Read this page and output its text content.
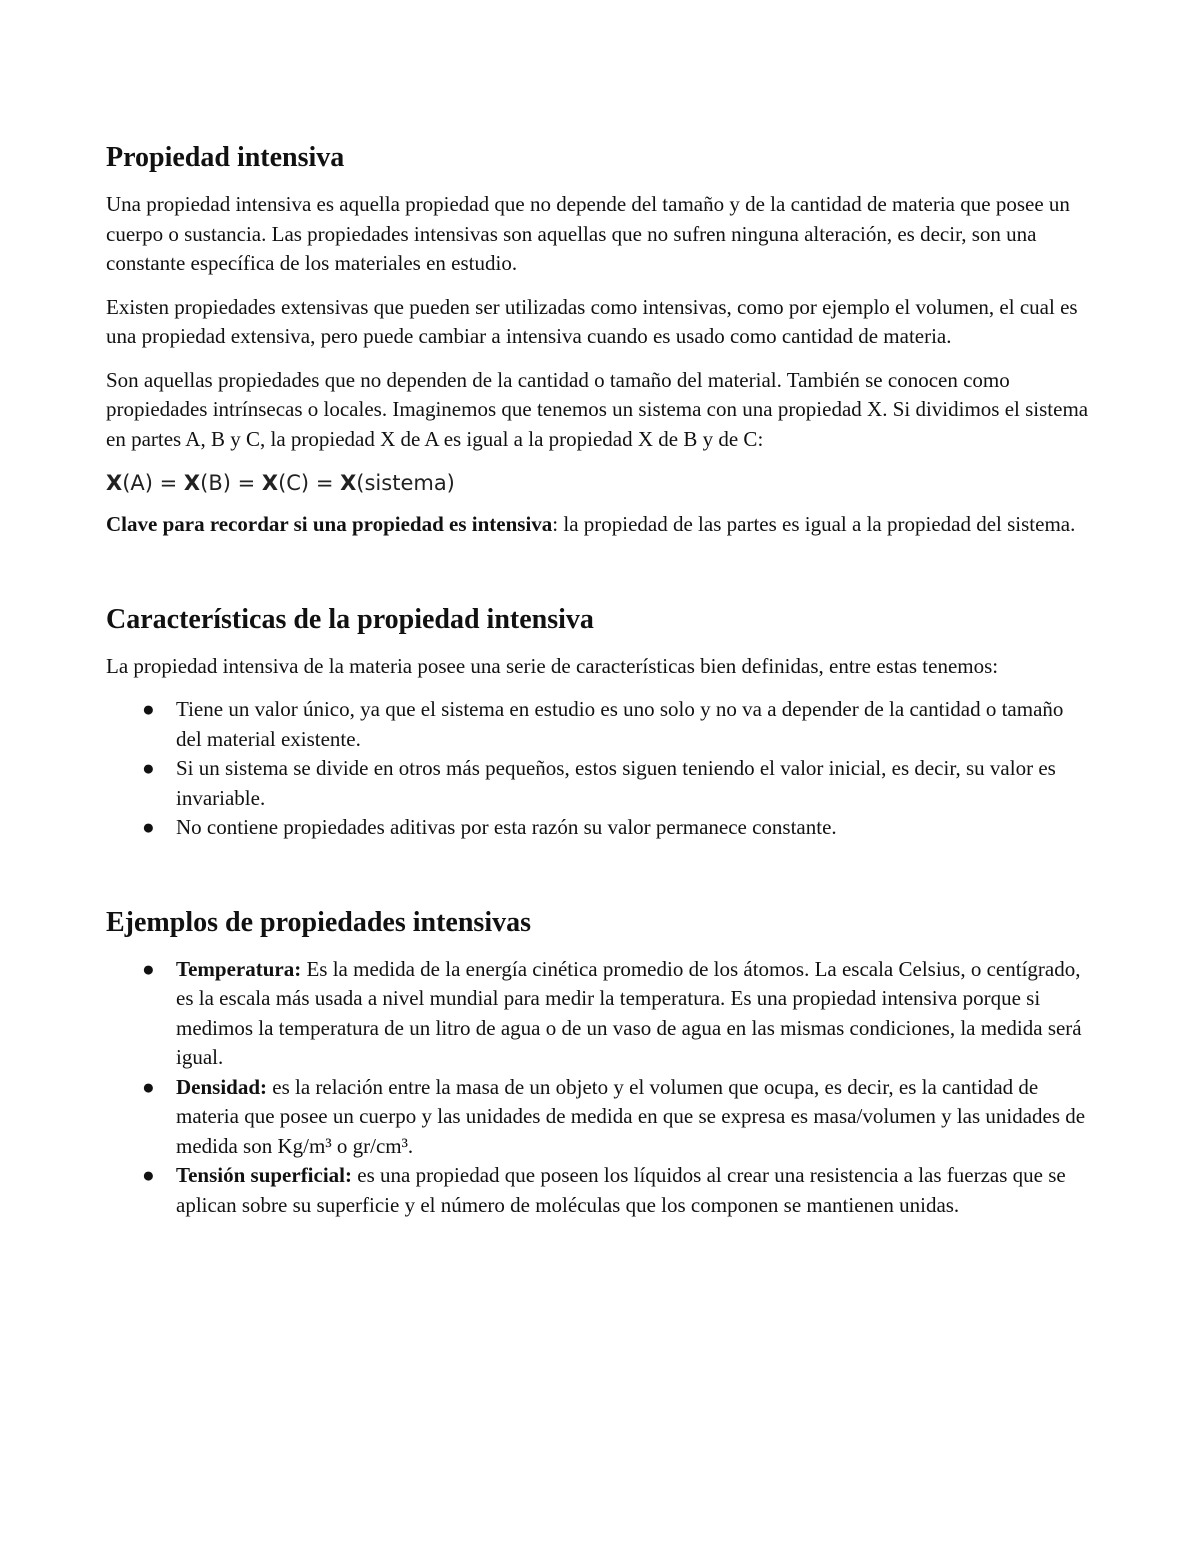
Propiedad intensiva

Una propiedad intensiva es aquella propiedad que no depende del tamaño y de la cantidad de materia que posee un cuerpo o sustancia. Las propiedades intensivas son aquellas que no sufren ninguna alteración, es decir, son una constante específica de los materiales en estudio.

Existen propiedades extensivas que pueden ser utilizadas como intensivas, como por ejemplo el volumen, el cual es una propiedad extensiva, pero puede cambiar a intensiva cuando es usado como cantidad de materia.

Son aquellas propiedades que no dependen de la cantidad o tamaño del material. También se conocen como propiedades intrínsecas o locales. Imaginemos que tenemos un sistema con una propiedad X. Si dividimos el sistema en partes A, B y C, la propiedad X de A es igual a la propiedad X de B y de C:

X(A) = X(B) = X(C) = X(sistema)

Clave para recordar si una propiedad es intensiva: la propiedad de las partes es igual a la propiedad del sistema.

Características de la propiedad intensiva

La propiedad intensiva de la materia posee una serie de características bien definidas, entre estas tenemos:

● Tiene un valor único, ya que el sistema en estudio es uno solo y no va a depender de la cantidad o tamaño del material existente.
● Si un sistema se divide en otros más pequeños, estos siguen teniendo el valor inicial, es decir, su valor es invariable.
● No contiene propiedades aditivas por esta razón su valor permanece constante.
Ejemplos de propiedades intensivas
● Temperatura: Es la medida de la energía cinética promedio de los átomos. La escala Celsius, o centígrado, es la escala más usada a nivel mundial para medir la temperatura. Es una propiedad intensiva porque si medimos la temperatura de un litro de agua o de un vaso de agua en las mismas condiciones, la medida será igual.
● Densidad: es la relación entre la masa de un objeto y el volumen que ocupa, es decir, es la cantidad de materia que posee un cuerpo y las unidades de medida en que se expresa es masa/volumen y las unidades de medida son Kg/m³ o gr/cm³.
● Tensión superficial: es una propiedad que poseen los líquidos al crear una resistencia a las fuerzas que se aplican sobre su superficie y el número de moléculas que los componen se mantienen unidas.
